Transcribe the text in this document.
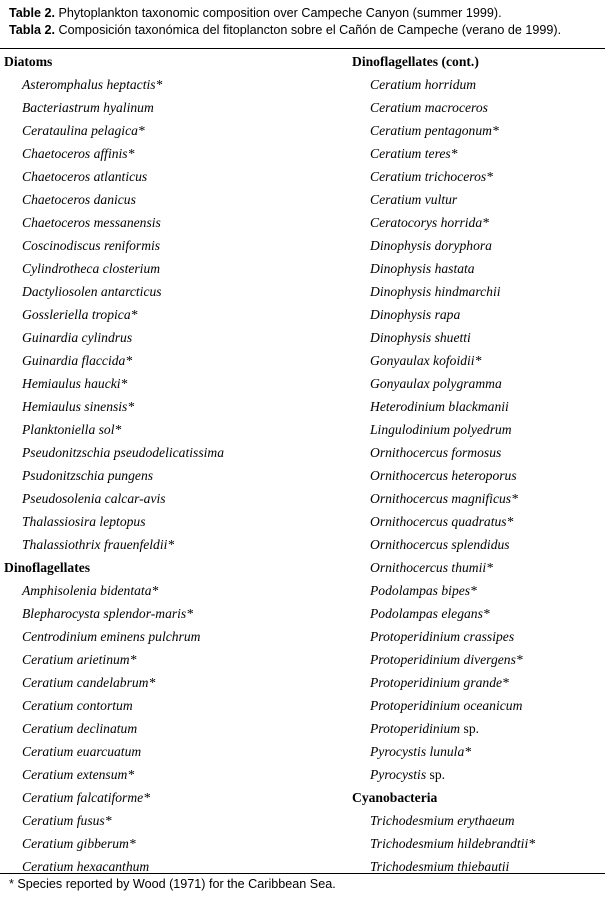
Table 2. Phytoplankton taxonomic composition over Campeche Canyon (summer 1999).
Tabla 2. Composición taxonómica del fitoplancton sobre el Cañón de Campeche (verano de 1999).
Diatoms
Asteromphalus heptactis*
Bacteriastrum hyalinum
Cerataulina pelagica*
Chaetoceros affinis*
Chaetoceros atlanticus
Chaetoceros danicus
Chaetoceros messanensis
Coscinodiscus reniformis
Cylindrotheca closterium
Dactyliosolen antarcticus
Gossleriella tropica*
Guinardia cylindrus
Guinardia flaccida*
Hemiaulus haucki*
Hemiaulus sinensis*
Planktoniella sol*
Pseudonitzschia pseudodelicatissima
Psudonitzschia pungens
Pseudosolenia calcar-avis
Thalassiosira leptopus
Thalassiothrix frauenfeldii*
Dinoflagellates
Amphisolenia bidentata*
Blepharocysta splendor-maris*
Centrodinium eminens pulchrum
Ceratium arietinum*
Ceratium candelabrum*
Ceratium contortum
Ceratium declinatum
Ceratium euarcuatum
Ceratium extensum*
Ceratium falcatiforme*
Ceratium fusus*
Ceratium gibberum*
Ceratium hexacanthum
Dinoflagellates (cont.)
Ceratium horridum
Ceratium macroceros
Ceratium pentagonum*
Ceratium teres*
Ceratium trichoceros*
Ceratium vultur
Ceratocorys horrida*
Dinophysis doryphora
Dinophysis hastata
Dinophysis hindmarchii
Dinophysis rapa
Dinophysis shuetti
Gonyaulax kofoidii*
Gonyaulax polygramma
Heterodinium blackmanii
Lingulodinium polyedrum
Ornithocercus formosus
Ornithocercus heteroporus
Ornithocercus magnificus*
Ornithocercus quadratus*
Ornithocercus splendidus
Ornithocercus thumii*
Podolampas bipes*
Podolampas elegans*
Protoperidinium crassipes
Protoperidinium divergens*
Protoperidinium grande*
Protoperidinium oceanicum
Protoperidinium sp.
Pyrocystis lunula*
Pyrocystis sp.
Cyanobacteria
Trichodesmium erythaeum
Trichodesmium hildebrandtii*
Trichodesmium thiebautii
* Species reported by Wood (1971) for the Caribbean Sea.
